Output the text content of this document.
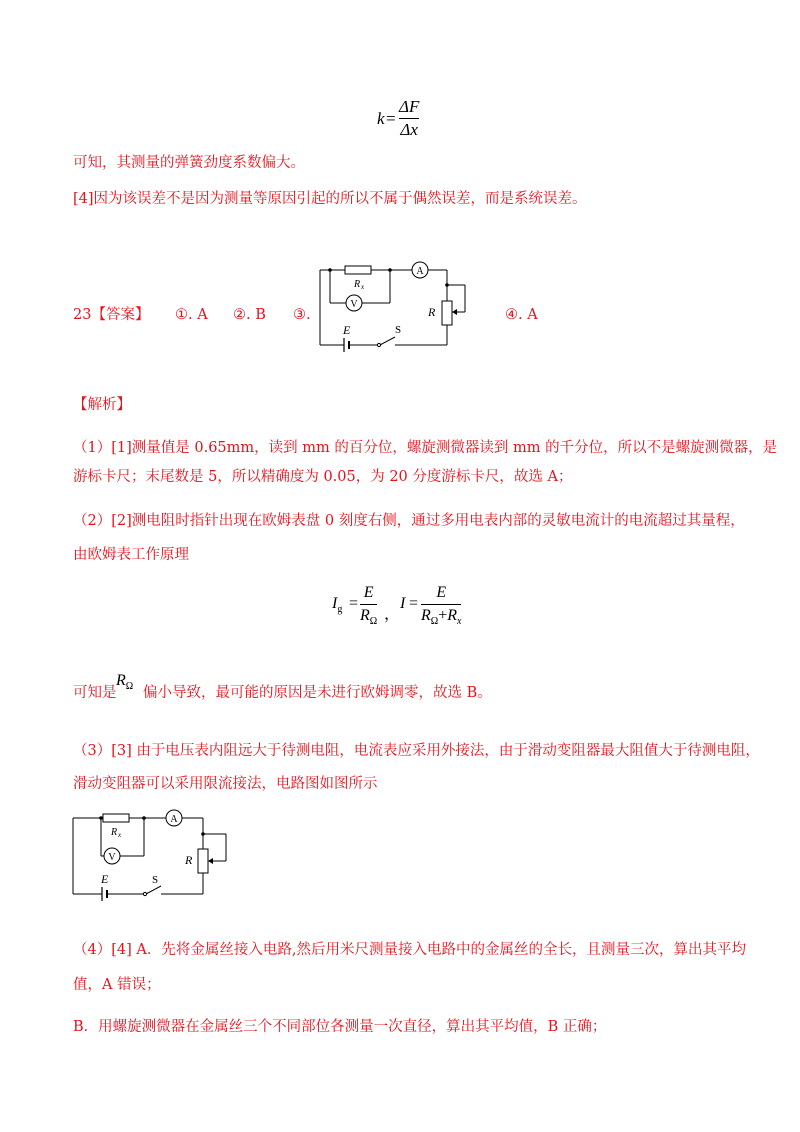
k =
ΔF
Δx
可知，其测量的弹簧劲度系数偏大。
[4]因为该误差不是因为测量等原因引起的所以不属于偶然误差，而是系统误差。
23【答案】 ①. A ②. B ③.	④. A
A
V
R x
R
E	S
【解析】
（1）[1]测量值是 0.65mm，读到 mm 的百分位，螺旋测微器读到 mm 的千分位，所以不是螺旋测微器，是
游标卡尺；末尾数是 5，所以精确度为 0.05，为 20 分度游标卡尺，故选 A；
（2）[2]测电阻时指针出现在欧姆表盘 0 刻度右侧，通过多用电表内部的灵敏电流计的电流超过其量程，
由欧姆表工作原理
$I_g$ =
E
$R_\Omega$ ，
I =
E
$R_\Omega+R_x$
可知是
$R_\Omega$ 偏小导致，最可能的原因是未进行欧姆调零，故选 B。
（3）[3] 由于电压表内阻远大于待测电阻，电流表应采用外接法，由于滑动变阻器最大阻值大于待测电阻，
滑动变阻器可以采用限流接法，电路图如图所示
A
V
R x
R
E	S
（4）[4] A．先将金属丝接入电路,然后用米尺测量接入电路中的金属丝的全长，且测量三次，算出其平均
值，A 错误；
B．用螺旋测微器在金属丝三个不同部位各测量一次直径，算出其平均值，B 正确；
